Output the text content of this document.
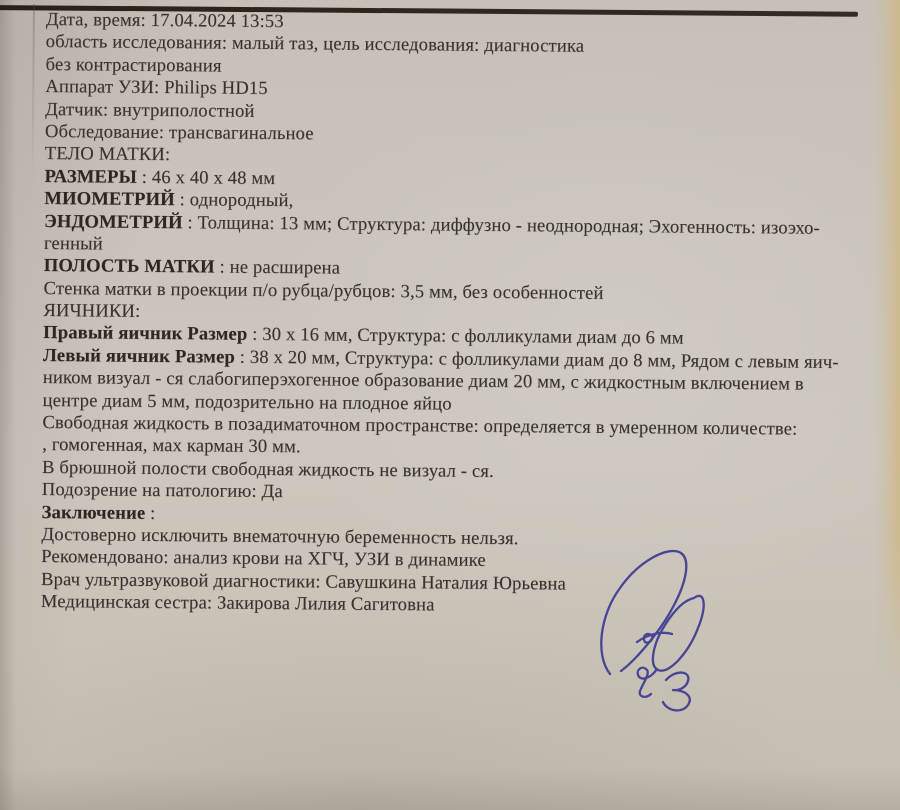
Дата, время: 17.04.2024 13:53
область исследования: малый таз, цель исследования: диагностика
без контрастирования
Аппарат УЗИ: Philips HD15
Датчик: внутриполостной
Обследование: трансвагинальное
ТЕЛО МАТКИ:
РАЗМЕРЫ : 46 х 40 х 48 мм
МИОМЕТРИЙ : однородный,
ЭНДОМЕТРИЙ : Толщина: 13 мм; Структура: диффузно - неоднородная; Эхогенность: изоэхо-
генный
ПОЛОСТЬ МАТКИ : не расширена
Стенка матки в проекции п/о рубца/рубцов: 3,5 мм, без особенностей
ЯИЧНИКИ:
Правый яичник Размер : 30 х 16 мм, Структура: с фолликулами диам до 6 мм
Левый яичник Размер : 38 х 20 мм, Структура: с фолликулами диам до 8 мм, Рядом с левым яич-
ником визуал - ся слабогиперэхогенное образование диам 20 мм, с жидкостным включением в
центре диам 5 мм, подозрительно на плодное яйцо
Свободная жидкость в позадиматочном пространстве: определяется в умеренном количестве:
, гомогенная, мах карман 30 мм.
В брюшной полости свободная жидкость не визуал - ся.
Подозрение на патологию: Да
Заключение :
Достоверно исключить внематочную беременность нельзя.
Рекомендовано: анализ крови на ХГЧ, УЗИ в динамике
Врач ультразвуковой диагностики: Савушкина Наталия Юрьевна
Медицинская сестра: Закирова Лилия Сагитовна
